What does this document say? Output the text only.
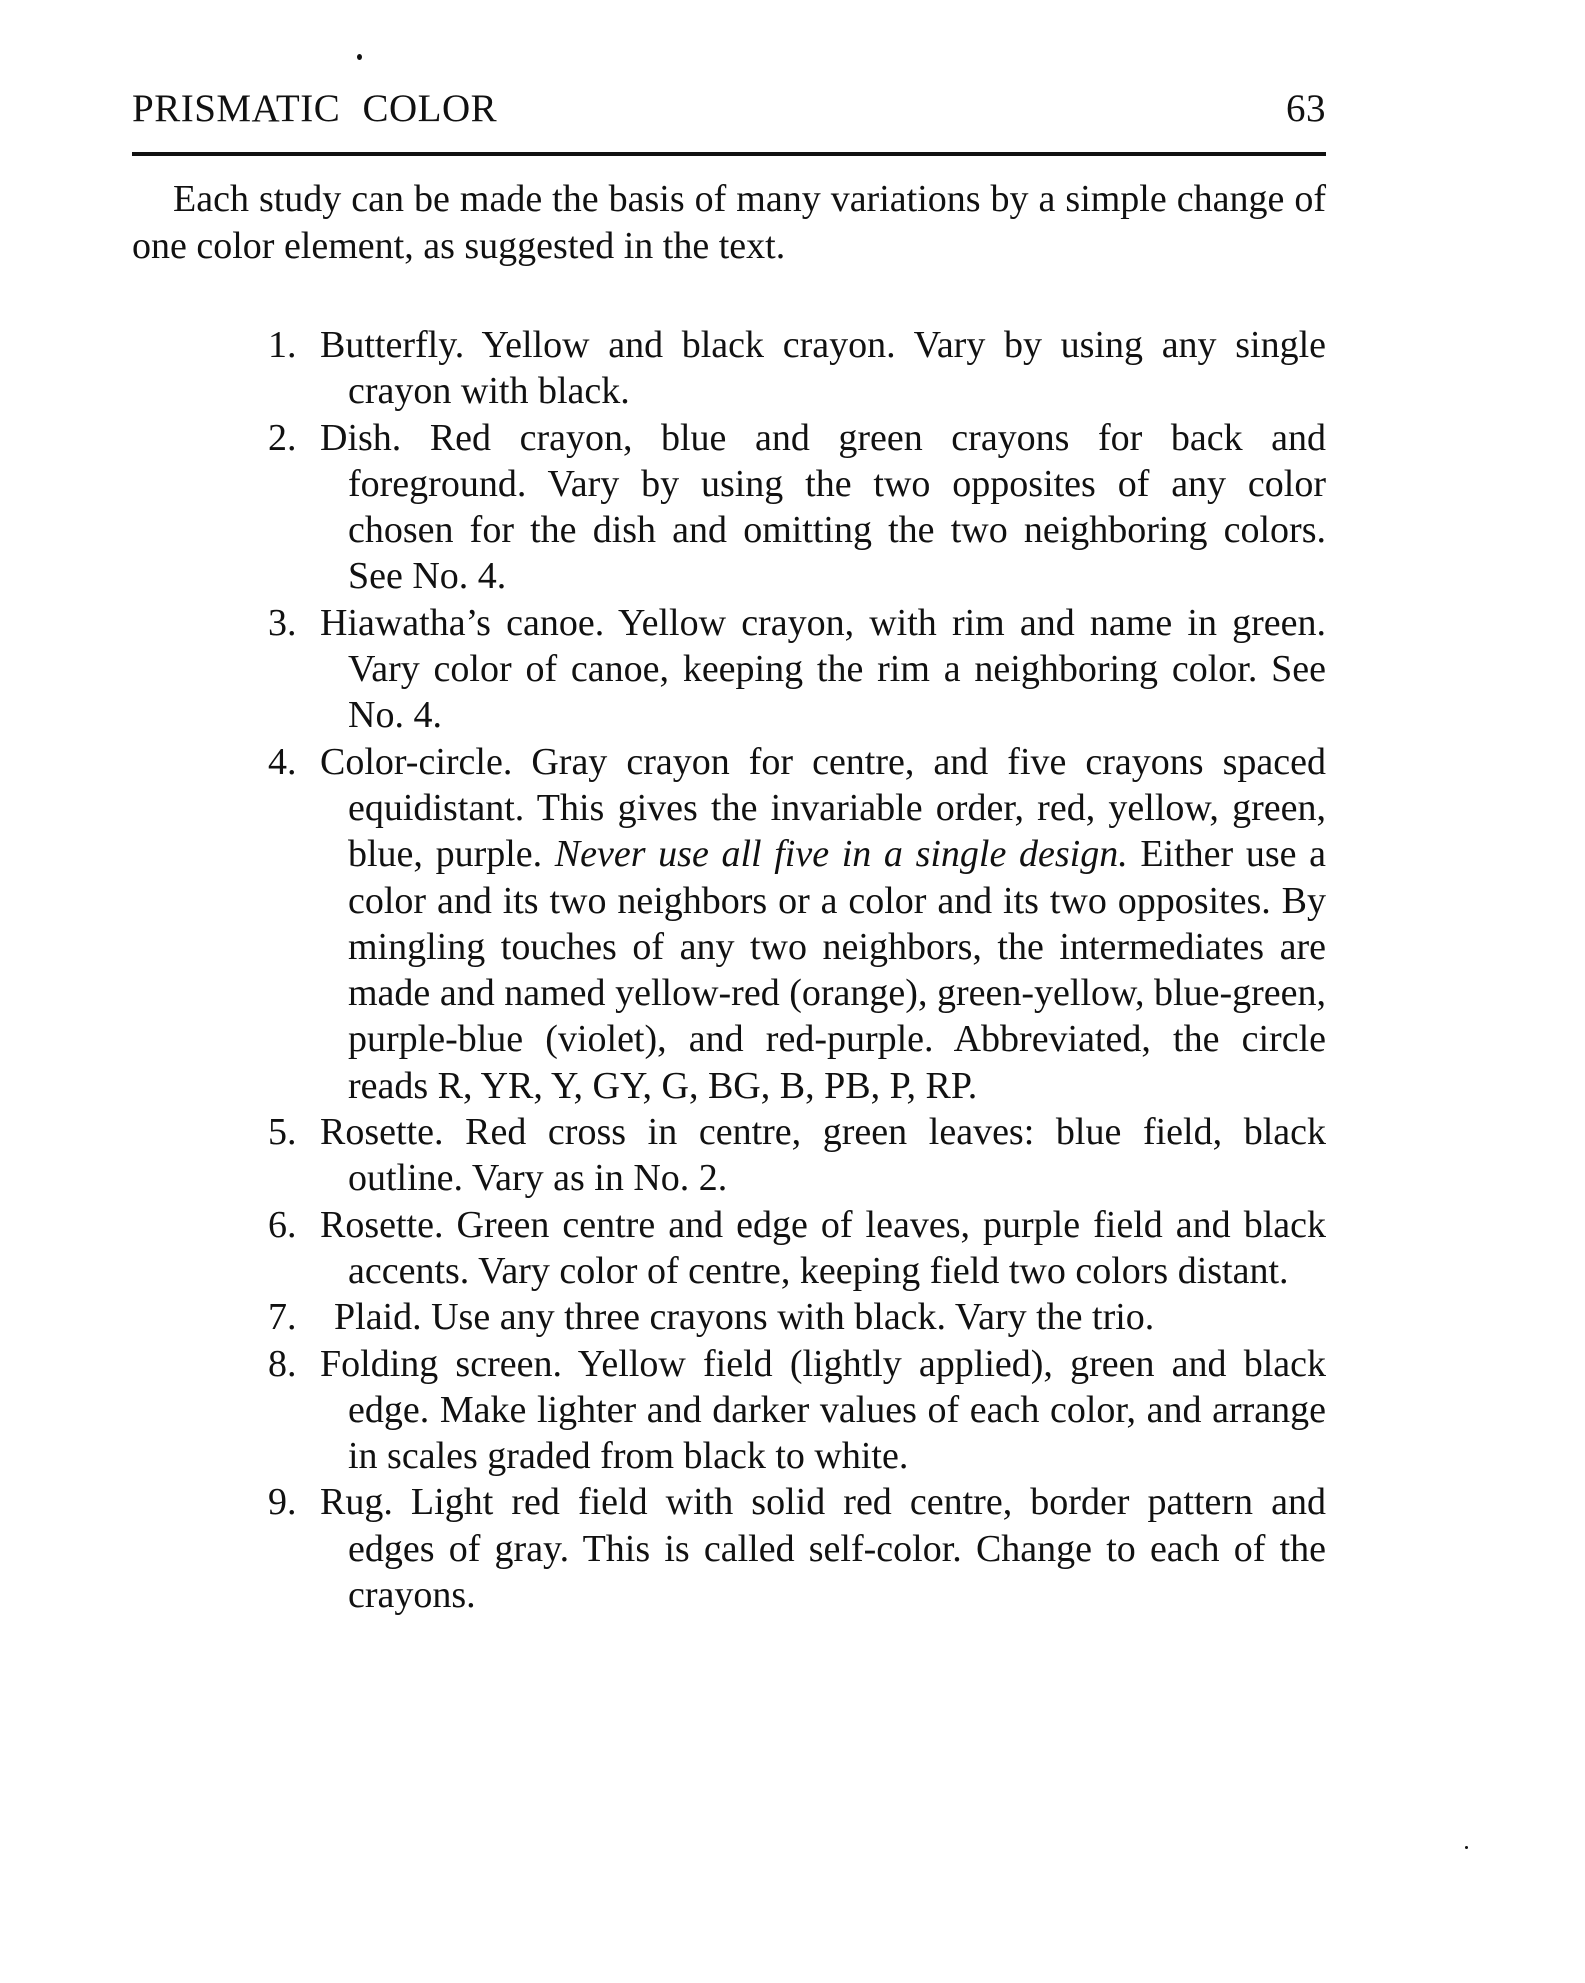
PRISMATIC COLOR	63

Each study can be made the basis of many variations by a simple change of one color element, as suggested in the text.

1. Butterfly. Yellow and black crayon. Vary by using any single crayon with black.
2. Dish. Red crayon, blue and green crayons for back and foreground. Vary by using the two opposites of any color chosen for the dish and omitting the two neighboring colors. See No. 4.
3. Hiawatha’s canoe. Yellow crayon, with rim and name in green. Vary color of canoe, keeping the rim a neighboring color. See No. 4.
4. Color-circle. Gray crayon for centre, and five crayons spaced equidistant. This gives the invariable order, red, yellow, green, blue, purple. Never use all five in a single design. Either use a color and its two neighbors or a color and its two opposites. By mingling touches of any two neighbors, the intermediates are made and named yellow-red (orange), green-yellow, blue-green, purple-blue (violet), and red-purple. Abbreviated, the circle reads R, YR, Y, GY, G, BG, B, PB, P, RP.
5. Rosette. Red cross in centre, green leaves: blue field, black outline. Vary as in No. 2.
6. Rosette. Green centre and edge of leaves, purple field and black accents. Vary color of centre, keeping field two colors distant.
7. Plaid. Use any three crayons with black. Vary the trio.
8. Folding screen. Yellow field (lightly applied), green and black edge. Make lighter and darker values of each color, and arrange in scales graded from black to white.
9. Rug. Light red field with solid red centre, border pattern and edges of gray. This is called self-color. Change to each of the crayons.
